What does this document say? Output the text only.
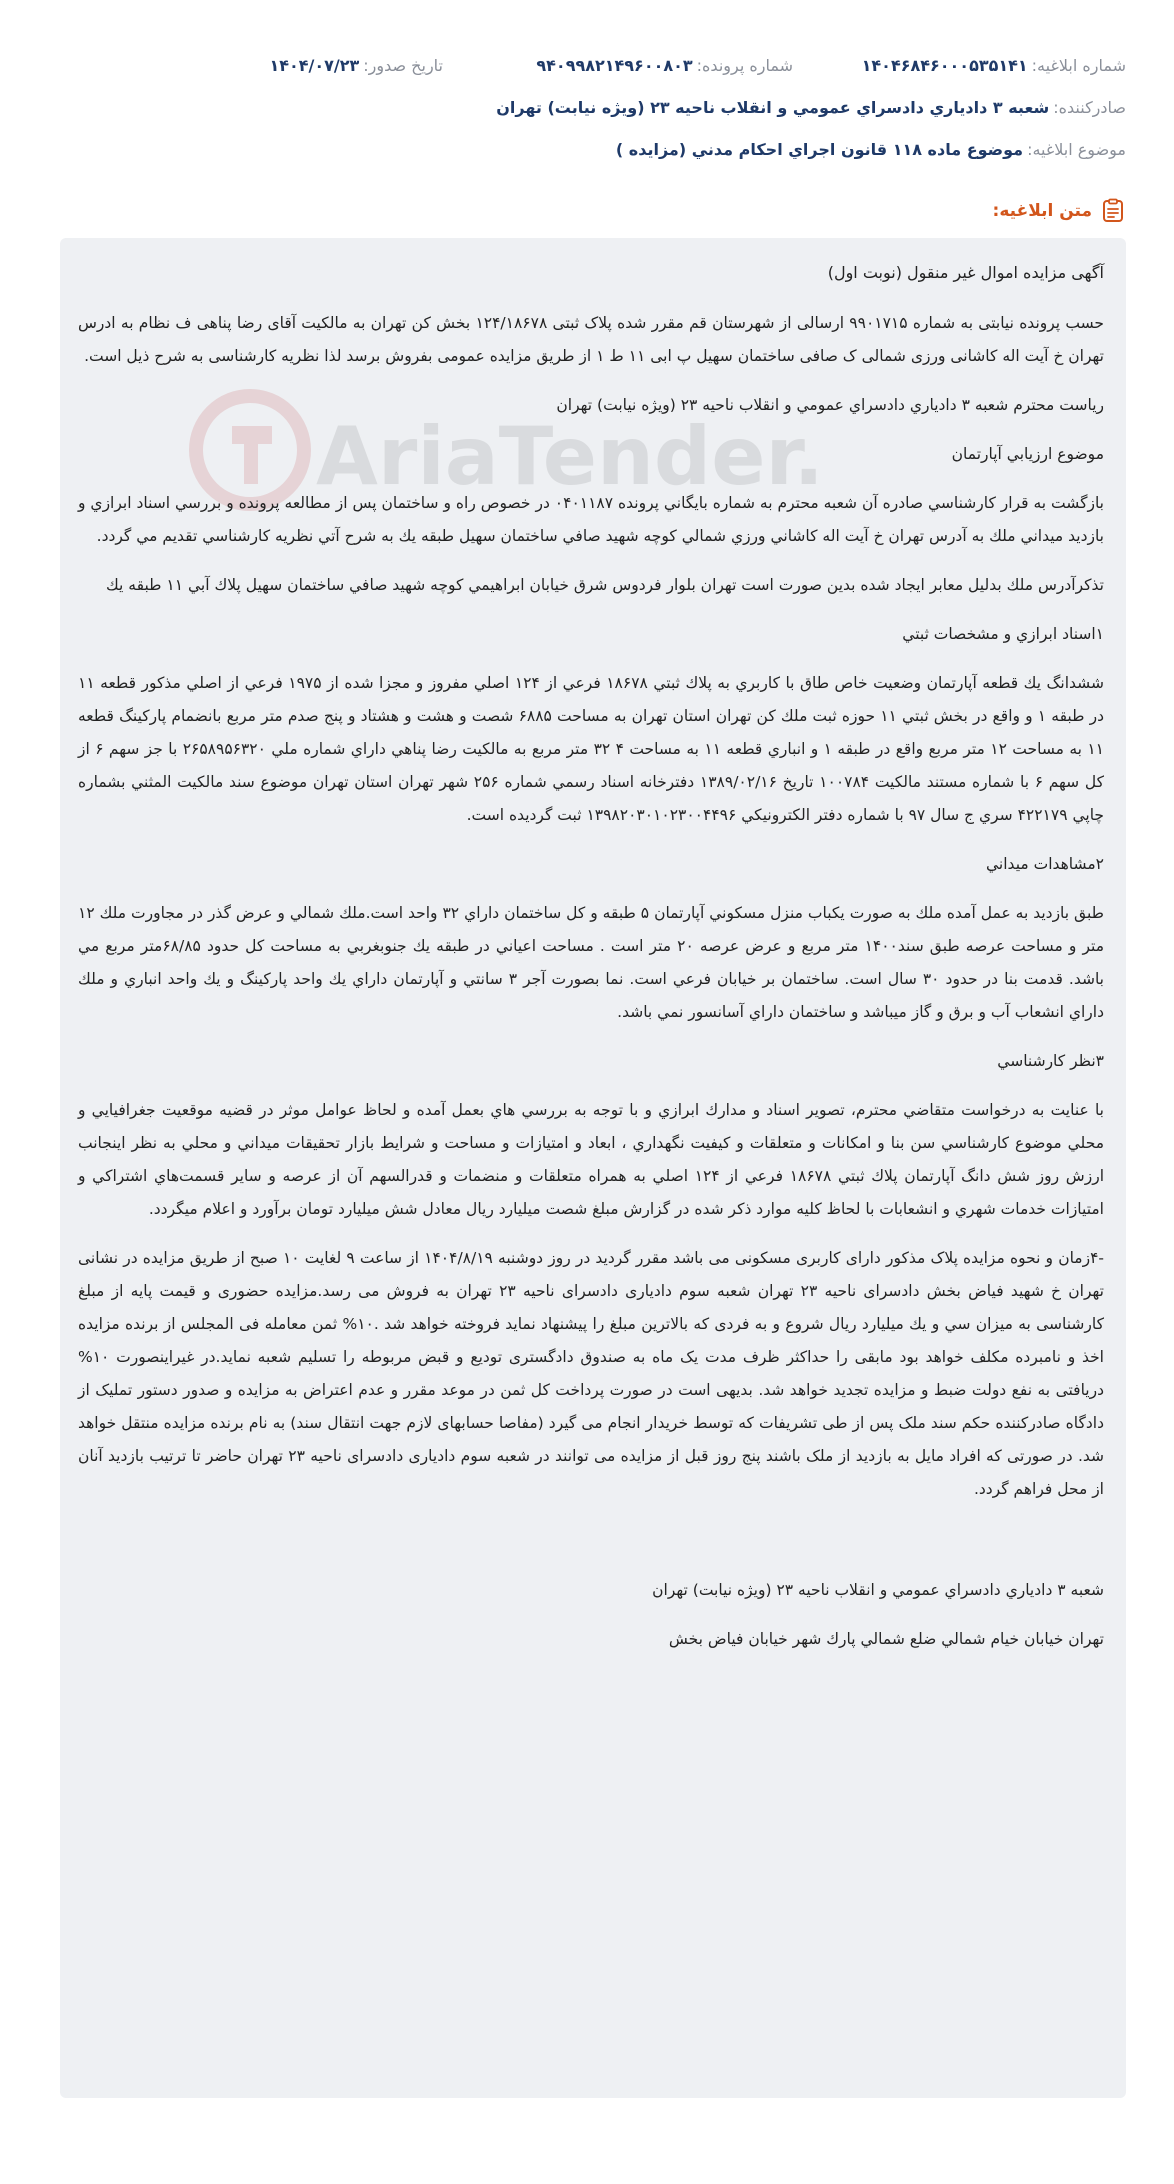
شماره ابلاغیه:
۱۴۰۴۶۸۴۶۰۰۰۵۳۵۱۴۱
شماره پرونده:
۹۴۰۹۹۸۲۱۴۹۶۰۰۸۰۳
تاریخ صدور:
۱۴۰۴/۰۷/۲۳
صادرکننده:
شعبه ۳ دادياري دادسراي عمومي و انقلاب ناحيه ۲۳ (ويژه نيابت) تهران
موضوع ابلاغیه:
موضوع ماده ۱۱۸ قانون اجراي احکام مدني (مزايده )
متن ابلاغیه:
AriaTender.

آگهی مزایده اموال غیر منقول (نوبت اول)

حسب پرونده نیابتی به شماره ۹۹۰۱۷۱۵ ارسالی از شهرستان قم مقرر شده پلاک ثبتی ۱۲۴/۱۸۶۷۸ بخش کن تهران به مالکیت آقای رضا پناهی ف نظام به ادرس تهران خ آیت اله کاشانی ورزی شمالی ک صافی ساختمان سهیل پ ابی ۱۱ ط ۱ از طریق مزایده عمومی بفروش برسد لذا نظریه کارشناسی به شرح ذیل است.

رياست محترم شعبه ۳ دادياري دادسراي عمومي و انقلاب ناحيه ۲۳ (ويژه نيابت) تهران

موضوع ارزيابي آپارتمان

بازگشت به قرار كارشناسي صادره آن شعبه محترم به شماره بايگاني پرونده ۰۴۰۱۱۸۷ در خصوص راه و ساختمان پس از مطالعه پرونده و بررسي اسناد ابرازي و بازديد ميداني ملك به آدرس تهران خ آيت اله كاشاني ورزي شمالي كوچه شهيد صافي ساختمان سهيل طبقه يك به شرح آتي نظريه كارشناسي تقديم مي گردد.

تذكرآدرس ملك بدليل معابر ايجاد شده بدين صورت است تهران بلوار فردوس شرق خيابان ابراهيمي كوچه شهيد صافي ساختمان سهيل پلاك آبي ۱۱ طبقه يك

۱اسناد ابرازي و مشخصات ثبتي

ششدانگ يك قطعه آپارتمان وضعيت خاص طاق با كاربري به پلاك ثبتي ۱۸۶۷۸ فرعي از ۱۲۴ اصلي مفروز و مجزا شده از ۱۹۷۵ فرعي از اصلي مذكور قطعه ۱۱ در طبقه ۱ و واقع در بخش ثبتي ۱۱ حوزه ثبت ملك كن تهران استان تهران به مساحت ۶۸۸۵ شصت و هشت و هشتاد و پنج صدم متر مربع بانضمام پاركينگ قطعه ۱۱ به مساحت ۱۲ متر مربع واقع در طبقه ۱ و انباري قطعه ۱۱ به مساحت ۴ ۳۲ متر مربع به مالكيت رضا پناهي داراي شماره ملي ۲۶۵۸۹۵۶۳۲۰ با جز سهم ۶ از كل سهم ۶ با شماره مستند مالكيت ۱۰۰۷۸۴ تاريخ ۱۳۸۹/۰۲/۱۶ دفترخانه اسناد رسمي شماره ۲۵۶ شهر تهران استان تهران موضوع سند مالكيت المثني بشماره چاپي ۴۲۲۱۷۹ سري ج سال ۹۷ با شماره دفتر الكترونيكي ۱۳۹۸۲۰۳۰۱۰۲۳۰۰۴۴۹۶ ثبت گرديده است.

۲مشاهدات ميداني

طبق بازديد به عمل آمده ملك به صورت يكباب منزل مسكوني آپارتمان ۵ طبقه و كل ساختمان داراي ۳۲ واحد است.ملك شمالي و عرض گذر در مجاورت ملك ۱۲ متر و مساحت عرصه طبق سند۱۴۰۰ متر مربع و عرض عرصه ۲۰ متر است . مساحت اعياني در طبقه يك جنوبغربي به مساحت كل حدود ۶۸/۸۵متر مربع مي باشد. قدمت بنا در حدود ۳۰ سال است. ساختمان بر خيابان فرعي است. نما بصورت آجر ۳ سانتي و آپارتمان داراي يك واحد پاركينگ و يك واحد انباري و ملك داراي انشعاب آب و برق و گاز ميباشد و ساختمان داراي آسانسور نمي باشد.

۳نظر كارشناسي

با عنايت به درخواست متقاضي محترم، تصوير اسناد و مدارك ابرازي و با توجه به بررسي هاي بعمل آمده و لحاظ عوامل موثر در قضيه موقعيت جغرافيايي و محلي موضوع كارشناسي سن بنا و امكانات و متعلقات و كيفيت نگهداري ، ابعاد و امتيازات و مساحت و شرايط بازار تحقيقات ميداني و محلي به نظر اينجانب ارزش روز شش دانگ آپارتمان پلاك ثبتي ۱۸۶۷۸ فرعي از ۱۲۴ اصلي به همراه متعلقات و منضمات و قدرالسهم آن از عرصه و ساير قسمت‌هاي اشتراكي و امتيازات خدمات شهري و انشعابات با لحاظ كليه موارد ذكر شده در گزارش مبلغ شصت ميليارد ريال معادل شش ميليارد تومان برآورد و اعلام ميگردد.

-۴زمان و نحوه مزایده پلاک مذکور دارای کاربری مسکونی می باشد مقرر گردید در روز دوشنبه ۱۴۰۴/۸/۱۹ از ساعت ۹ لغایت ۱۰ صبح از طریق مزایده در نشانی تهران خ شهید فیاض بخش دادسرای ناحیه ۲۳ تهران شعبه سوم دادیاری دادسرای ناحیه ۲۳ تهران به فروش می رسد.مزایده حضوری و قیمت پایه از مبلغ کارشناسی به میزان سي و یك میلیارد ریال شروع و به فردی که بالاترین مبلغ را پیشنهاد نماید فروخته خواهد شد .۱۰% ثمن معامله فی المجلس از برنده مزایده اخذ و نامبرده مکلف خواهد بود مابقی را حداکثر ظرف مدت یک ماه به صندوق دادگستری تودیع و قبض مربوطه را تسلیم شعبه نماید.در غیراینصورت ۱۰% دریافتی به نفع دولت ضبط و مزایده تجدید خواهد شد. بدیهی است در صورت پرداخت کل ثمن در موعد مقرر و عدم اعتراض به مزایده و صدور دستور تملیک از دادگاه صادرکننده حکم سند ملک پس از طی تشریفات که توسط خریدار انجام می گیرد (مفاصا حسابهای لازم جهت انتقال سند) به نام برنده مزایده منتقل خواهد شد. در صورتی که افراد مایل به بازدید از ملک باشند پنج روز قبل از مزایده می توانند در شعبه سوم دادیاری دادسرای ناحیه ۲۳ تهران حاضر تا ترتیب بازدید آنان از محل فراهم گردد.

شعبه ۳ دادياري دادسراي عمومي و انقلاب ناحيه ۲۳ (ويژه نيابت) تهران

تهران خيابان خيام شمالي ضلع شمالي پارك شهر خيابان فياض بخش
